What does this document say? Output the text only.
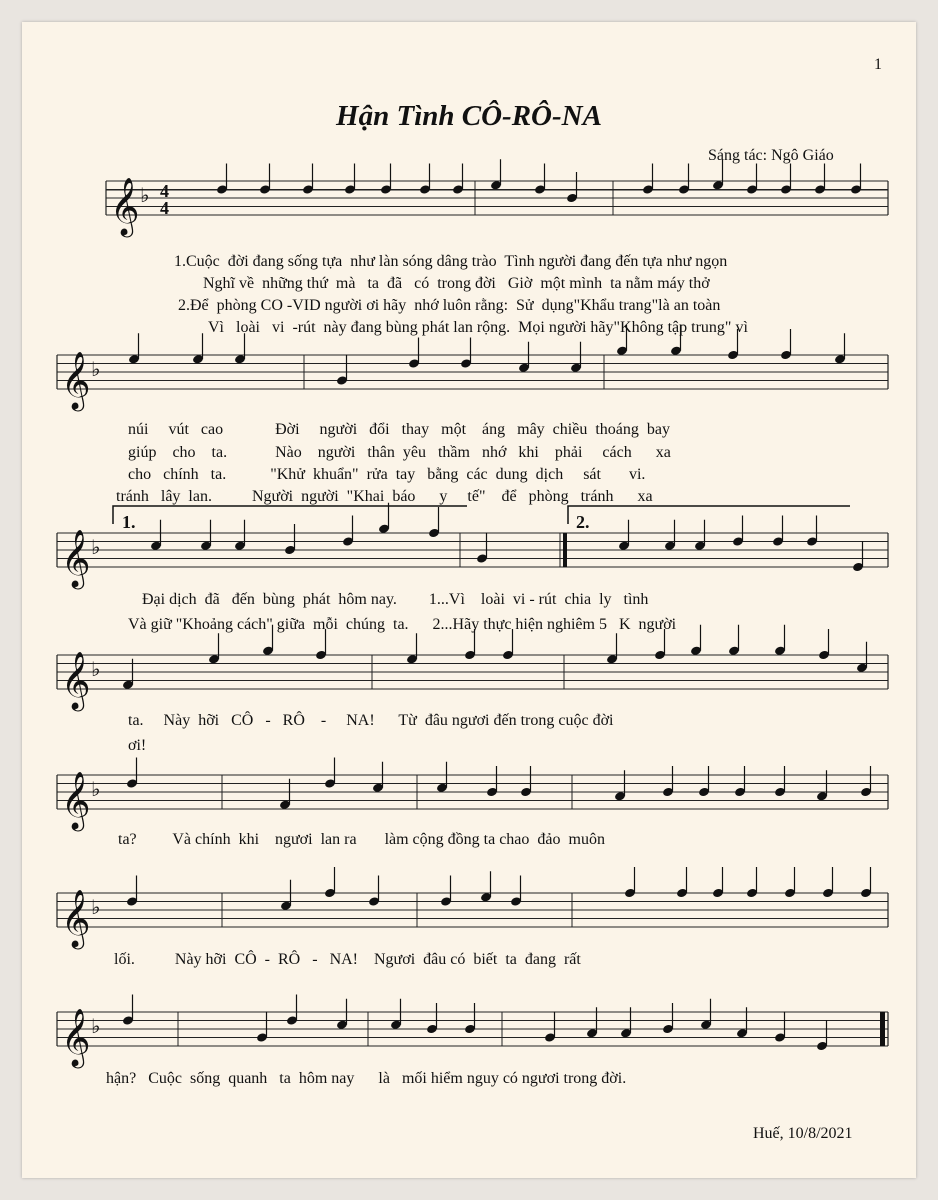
1
Hận Tình CÔ-RÔ-NA
Sáng tác: Ngô Giáo
1.Cuộc  đời đang sống tựa  như làn sóng dâng trào  Tình người đang đến tựa như ngọn
Nghĩ về  những thứ  mà   ta  đã   có  trong đời   Giờ  một mình  ta nằm máy thở
2.Để  phòng CO -VID người ơi hãy  nhớ luôn rằng:  Sử  dụng"Khẩu trang"là an toàn
Vì   loài   vi  -rút  này đang bùng phát lan rộng.  Mọi người hãy"Không tập trung" vì
núi     vút   cao             Đời     người   đổi   thay   một    áng   mây  chiều  thoáng  bay
giúp    cho    ta.            Nào    người   thân  yêu   thầm   nhớ   khi    phải     cách      xa
cho   chính   ta.           "Khử  khuẩn"  rửa  tay   bằng  các  dung  dịch     sát       vi.
tránh   lây  lan.          Người  người  "Khai  báo      y     tế"    để   phòng   tránh      xa
Đại dịch  đã   đến  bùng  phát  hôm nay.        1...Vì    loài  vi - rút  chia  ly   tình
Và giữ "Khoảng cách" giữa  mỗi  chúng  ta.      2...Hãy thực hiện nghiêm 5   K  người
ta.     Này  hỡi   CÔ   -   RÔ    -     NA!      Từ  đâu ngươi đến trong cuộc đời
ơi!
ta?         Và chính  khi    ngươi  lan ra       làm cộng đồng ta chao  đảo  muôn
lối.          Này hỡi  CÔ  -  RÔ   -   NA!    Ngươi  đâu có  biết  ta  đang  rất
hận?   Cuộc  sống  quanh   ta  hôm nay      là   mối hiểm nguy có ngươi trong đời.
Huế, 10/8/2021
𝄞 ♭
𝄞 ♭
𝄞 ♭
𝄞 ♭
𝄞 ♭
𝄞 ♭
𝄞 ♭
4
4
1.	2.
